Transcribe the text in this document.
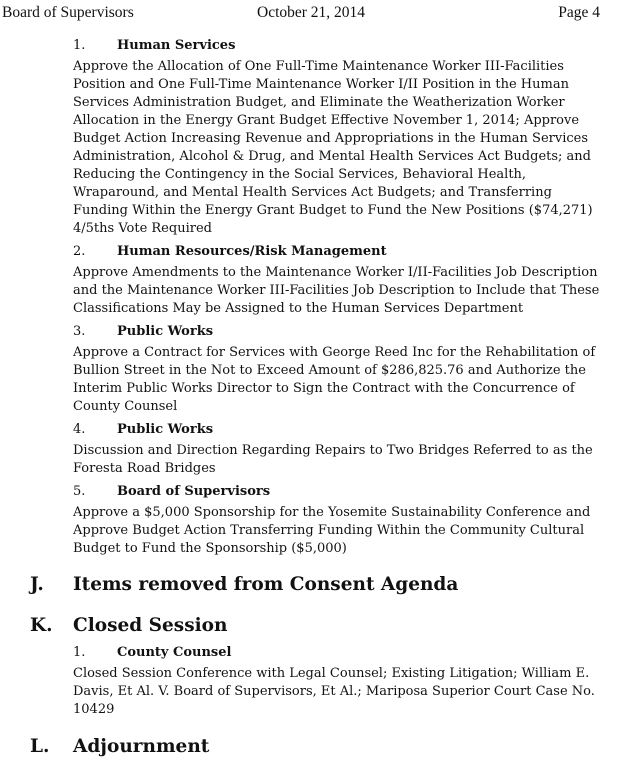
Board of Supervisors	October 21, 2014	Page 4
1. Human Services
Approve the Allocation of One Full-Time Maintenance Worker III-Facilities Position and One Full-Time Maintenance Worker I/II Position in the Human Services Administration Budget, and Eliminate the Weatherization Worker Allocation in the Energy Grant Budget Effective November 1, 2014; Approve Budget Action Increasing Revenue and Appropriations in the Human Services Administration, Alcohol & Drug, and Mental Health Services Act Budgets; and Reducing the Contingency in the Social Services, Behavioral Health, Wraparound, and Mental Health Services Act Budgets; and Transferring Funding Within the Energy Grant Budget to Fund the New Positions ($74,271) 4/5ths Vote Required
2. Human Resources/Risk Management
Approve Amendments to the Maintenance Worker I/II-Facilities Job Description and the Maintenance Worker III-Facilities Job Description to Include that These Classifications May be Assigned to the Human Services Department
3. Public Works
Approve a Contract for Services with George Reed Inc for the Rehabilitation of Bullion Street in the Not to Exceed Amount of $286,825.76 and Authorize the Interim Public Works Director to Sign the Contract with the Concurrence of County Counsel
4. Public Works
Discussion and Direction Regarding Repairs to Two Bridges Referred to as the Foresta Road Bridges
5. Board of Supervisors
Approve a $5,000 Sponsorship for the Yosemite Sustainability Conference and Approve Budget Action Transferring Funding Within the Community Cultural Budget to Fund the Sponsorship ($5,000)
J. Items removed from Consent Agenda
K. Closed Session
1. County Counsel
Closed Session Conference with Legal Counsel; Existing Litigation; William E. Davis, Et Al. V. Board of Supervisors, Et Al.; Mariposa Superior Court Case No. 10429
L. Adjournment
